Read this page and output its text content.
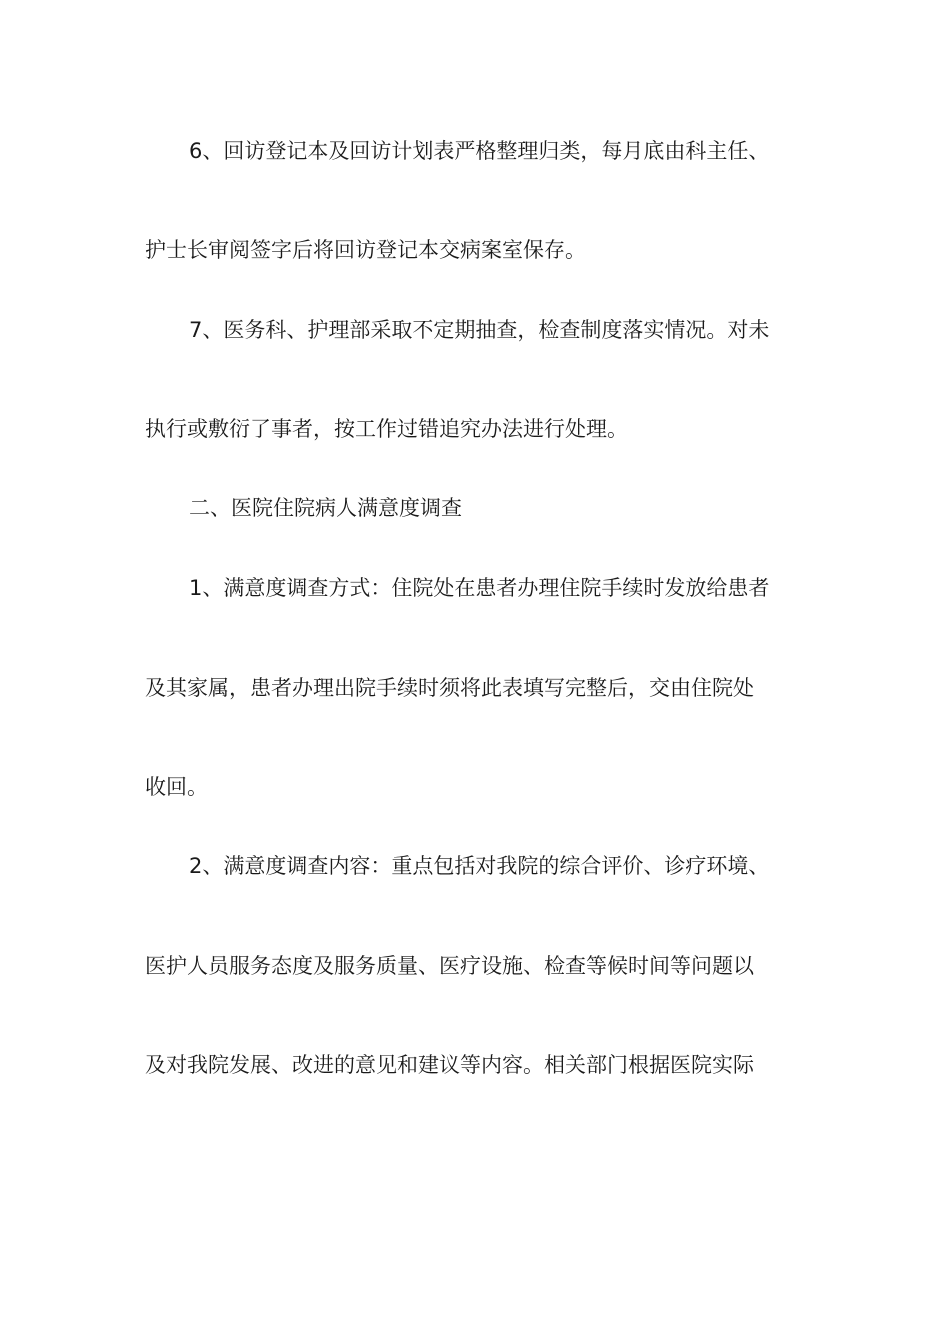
6、回访登记本及回访计划表严格整理归类，每月底由科主任、
护士长审阅签字后将回访登记本交病案室保存。
7、医务科、护理部采取不定期抽查，检查制度落实情况。对未
执行或敷衍了事者，按工作过错追究办法进行处理。
二、医院住院病人满意度调查
1、满意度调查方式：住院处在患者办理住院手续时发放给患者
及其家属，患者办理出院手续时须将此表填写完整后，交由住院处
收回。
2、满意度调查内容：重点包括对我院的综合评价、诊疗环境、
医护人员服务态度及服务质量、医疗设施、检查等候时间等问题以
及对我院发展、改进的意见和建议等内容。相关部门根据医院实际
